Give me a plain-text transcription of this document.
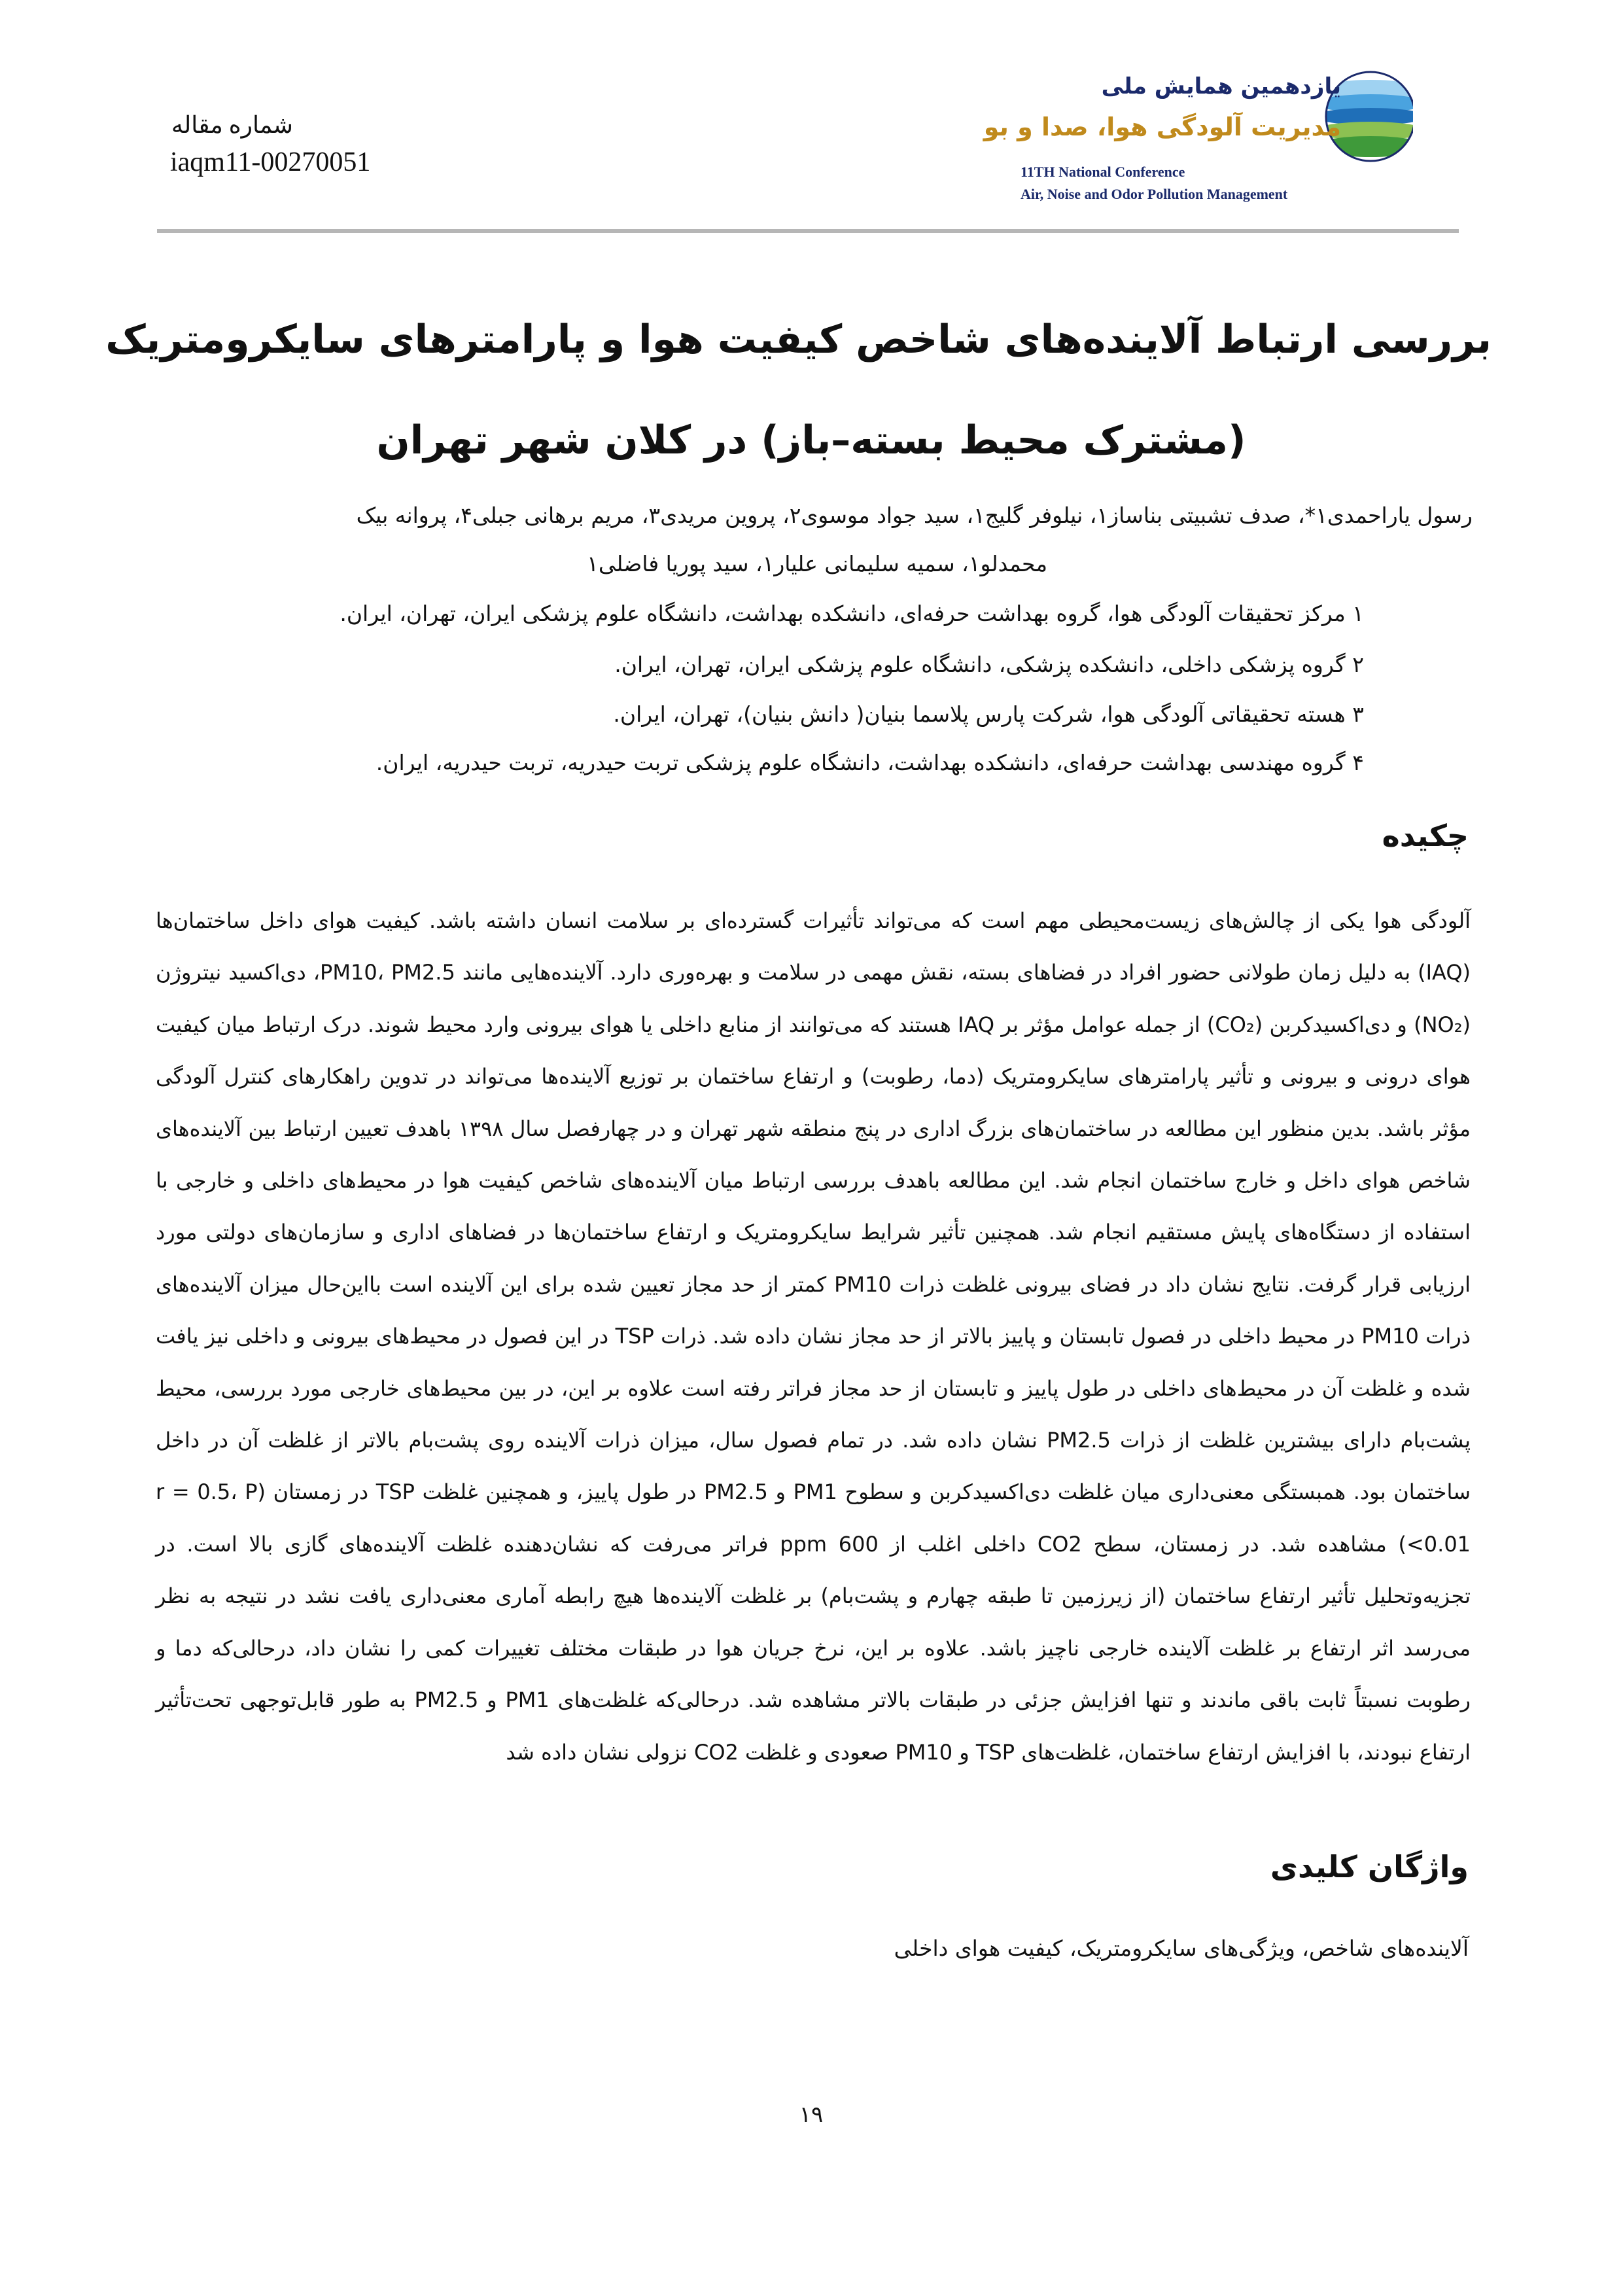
شماره مقاله
iaqm11-00270051
یازدهمین همایش ملی
مدیریت آلودگی هوا، صدا و بو
11TH National Conference
Air, Noise and Odor Pollution Management
بررسی ارتباط آلاینده‌های شاخص کیفیت هوا و پارامترهای سایکرومتریک
(مشترک محیط بسته–باز) در کلان شهر تهران
رسول یاراحمدی۱*، صدف تشبیتی بناساز۱، نیلوفر گلیج۱، سید جواد موسوی۲، پروین مریدی۳، مریم برهانی جبلی۴، پروانه بیک
محمدلو۱، سمیه سلیمانی علیار۱، سید پوریا فاضلی۱
۱ مرکز تحقیقات آلودگی هوا، گروه بهداشت حرفه‌ای، دانشکده بهداشت، دانشگاه علوم پزشکی ایران، تهران، ایران.
۲ گروه پزشکی داخلی، دانشکده پزشکی، دانشگاه علوم پزشکی ایران، تهران، ایران.
۳ هسته تحقیقاتی آلودگی هوا، شرکت پارس پلاسما بنیان( دانش بنیان)، تهران، ایران.
۴ گروه مهندسی بهداشت حرفه‌ای، دانشکده بهداشت، دانشگاه علوم پزشکی تربت حیدریه، تربت حیدریه، ایران.
چکیده
آلودگی هوا یکی از چالش‌های زیست‌محیطی مهم است که می‌تواند تأثیرات گسترده‌ای بر سلامت انسان داشته باشد. کیفیت هوای داخل ساختمان‌ها (IAQ) به دلیل زمان طولانی حضور افراد در فضاهای بسته، نقش مهمی در سلامت و بهره‌وری دارد. آلاینده‌هایی مانند PM10، PM2.5، دی‌اکسید نیتروژن (NO₂) و دی‌اکسیدکربن (CO₂) از جمله عوامل مؤثر بر IAQ هستند که می‌توانند از منابع داخلی یا هوای بیرونی وارد محیط شوند. درک ارتباط میان کیفیت هوای درونی و بیرونی و تأثیر پارامترهای سایکرومتریک (دما، رطوبت) و ارتفاع ساختمان بر توزیع آلاینده‌ها می‌تواند در تدوین راهکارهای کنترل آلودگی مؤثر باشد. بدین منظور این مطالعه در ساختمان‌های بزرگ اداری در پنج منطقه شهر تهران و در چهارفصل سال ۱۳۹۸ باهدف تعیین ارتباط بین آلاینده‌های شاخص هوای داخل و خارج ساختمان انجام شد. این مطالعه باهدف بررسی ارتباط میان آلاینده‌های شاخص کیفیت هوا در محیط‌های داخلی و خارجی با استفاده از دستگاه‌های پایش مستقیم انجام شد. همچنین تأثیر شرایط سایکرومتریک و ارتفاع ساختمان‌ها در فضاهای اداری و سازمان‌های دولتی مورد ارزیابی قرار گرفت. نتایج نشان داد در فضای بیرونی غلظت ذرات PM10 کمتر از حد مجاز تعیین شده برای این آلاینده است بااین‌حال میزان آلاینده‌های ذرات PM10 در محیط داخلی در فصول تابستان و پاییز بالاتر از حد مجاز نشان داده شد. ذرات TSP در این فصول در محیط‌های بیرونی و داخلی نیز یافت شده و غلظت آن در محیط‌های داخلی در طول پاییز و تابستان از حد مجاز فراتر رفته است علاوه بر این، در بین محیط‌های خارجی مورد بررسی، محیط پشت‌بام دارای بیشترین غلظت از ذرات PM2.5 نشان داده شد. در تمام فصول سال، میزان ذرات آلاینده روی پشت‌بام بالاتر از غلظت آن در داخل ساختمان بود. همبستگی معنی‌داری میان غلظت دی‌اکسیدکربن و سطوح PM1 و PM2.5 در طول پاییز، و همچنین غلظت TSP در زمستان (r = 0.5، P <0.01) مشاهده شد. در زمستان، سطح CO2 داخلی اغلب از 600 ppm فراتر می‌رفت که نشان‌دهنده غلظت آلاینده‌های گازی بالا است. در تجزیه‌وتحلیل تأثیر ارتفاع ساختمان (از زیرزمین تا طبقه چهارم و پشت‌بام) بر غلظت آلاینده‌ها هیچ رابطه آماری معنی‌داری یافت نشد در نتیجه به نظر می‌رسد اثر ارتفاع بر غلظت آلاینده خارجی ناچیز باشد. علاوه بر این، نرخ جریان هوا در طبقات مختلف تغییرات کمی را نشان داد، درحالی‌که دما و رطوبت نسبتاً ثابت باقی ماندند و تنها افزایش جزئی در طبقات بالاتر مشاهده شد. درحالی‌که غلظت‌های PM1 و PM2.5 به طور قابل‌توجهی تحت‌تأثیر ارتفاع نبودند، با افزایش ارتفاع ساختمان، غلظت‌های TSP و PM10 صعودی و غلظت CO2 نزولی نشان داده شد
واژگان کلیدی
آلاینده‌های شاخص، ویژگی‌های سایکرومتریک، کیفیت هوای داخلی
۱۹
